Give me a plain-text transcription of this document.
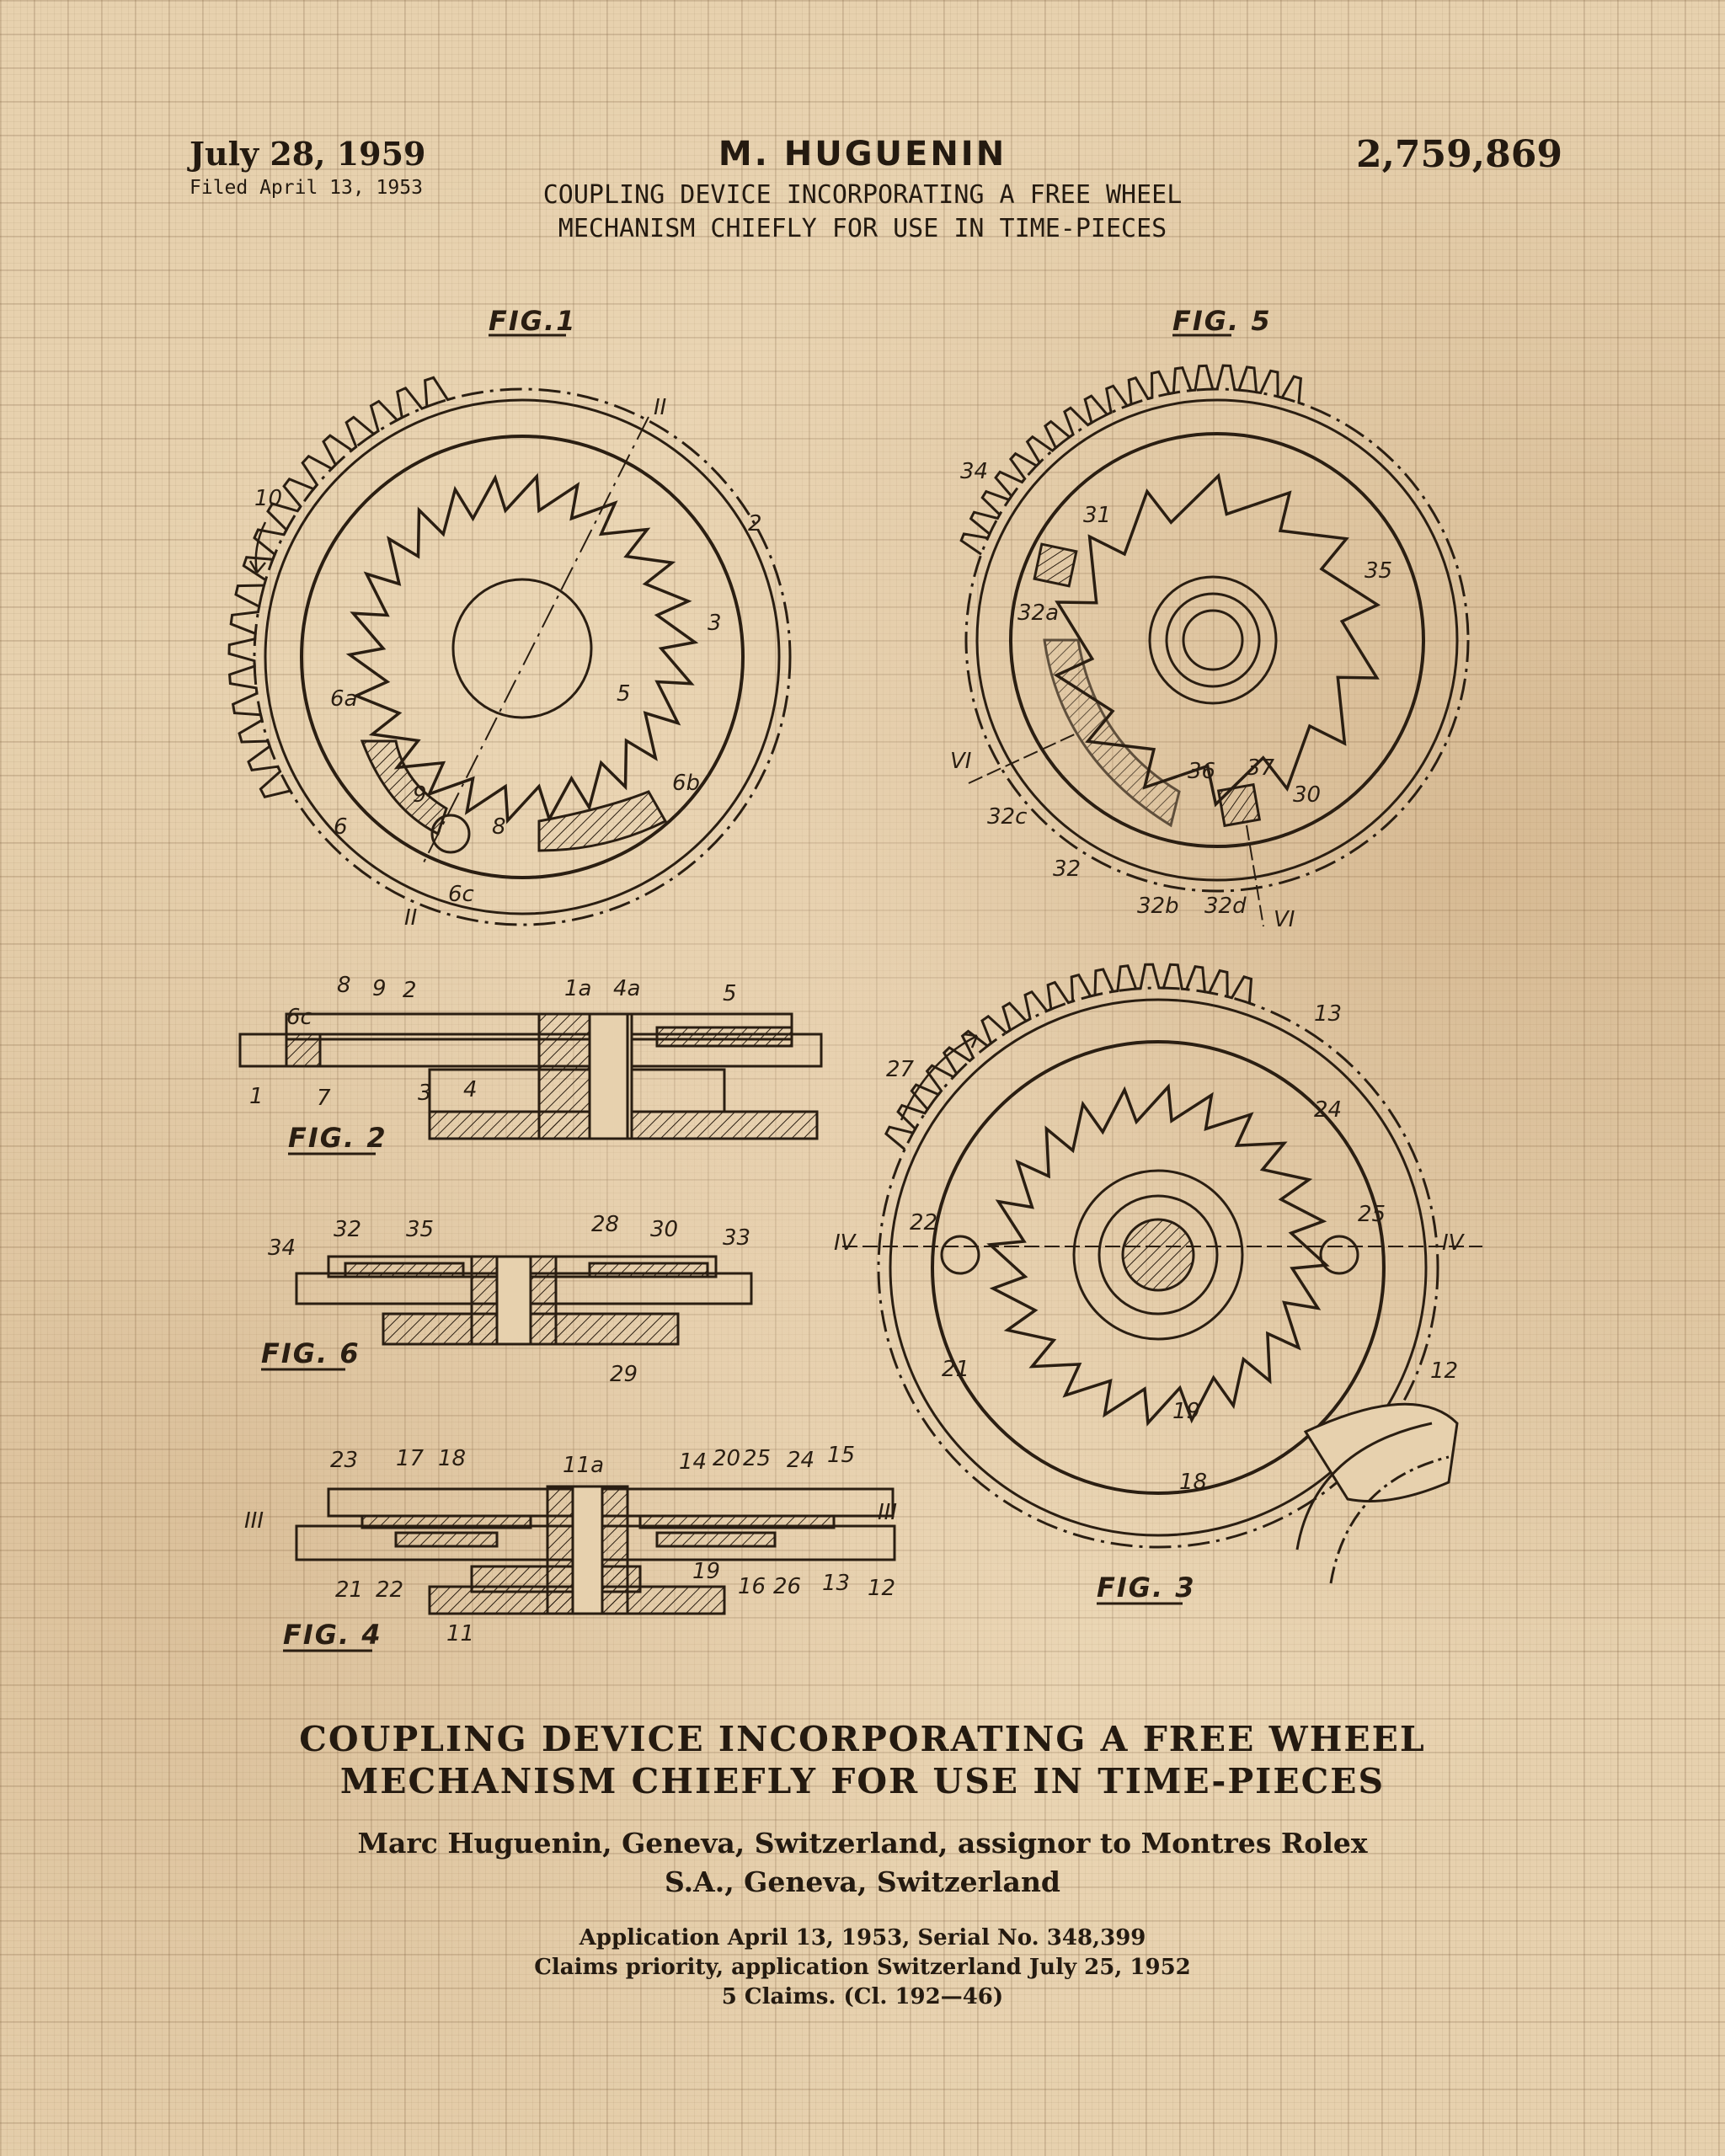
July 28, 1959
Filed April 13, 1953
M. HUGUENIN
COUPLING DEVICE INCORPORATING A FREE WHEEL
MECHANISM CHIEFLY FOR USE IN TIME-PIECES
2,759,869
FIG.1
II
10
2
3
5
6a
6b
6
9
8
6c
II
FIG. 5
34
31
35
32a
VI
32c
36 37
30
32
32b 32d
VI
8 9 2
6c
1a 4a	5
1 7	3 4
FIG. 2
34
32 35	28 30 33
29
FIG. 6
23 17 18	11a	14 20 25 24 15
III	III
21 22
19
16 26 13 12
11
FIG. 4
13
27
24
22
IV
25
IV
21
19
12
18
FIG. 3
COUPLING DEVICE INCORPORATING A FREE WHEEL
MECHANISM CHIEFLY FOR USE IN TIME-PIECES
Marc Huguenin, Geneva, Switzerland, assignor to Montres Rolex
S.A., Geneva, Switzerland
Application April 13, 1953, Serial No. 348,399
Claims priority, application Switzerland July 25, 1952
5 Claims. (Cl. 192—46)
